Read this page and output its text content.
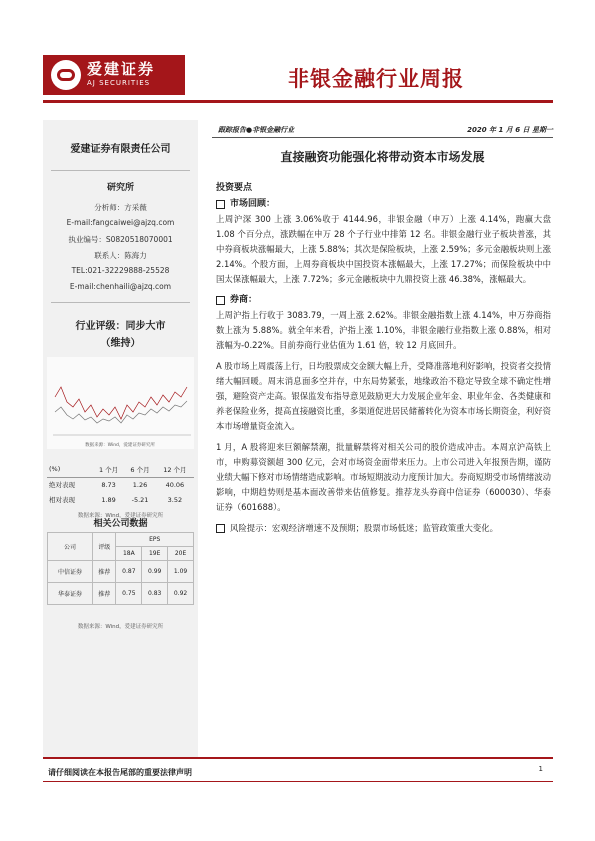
爱建证券
AJ SECURITIES	非银金融行业周报
爱建证券有限责任公司
研究所
分析师：方采薇
E-mail:fangcaiwei@ajzq.com
执业编号：S0820518070001
联系人：陈海力
TEL:021-32229888-25528
E-mail:chenhaili@ajzq.com
行业评级：同步大市
（维持）
数据来源：Wind，爱建证券研究所
(%)	1 个月	6 个月	12 个月
绝对表现	8.73	1.26	40.06
相对表现	1.89	-5.21	3.52
数据来源：Wind，爱建证券研究所			
相关公司数据
公司	评级	EPS		
		18A	19E	20E
中信证券	推荐	0.87	0.99	1.09
华泰证券	推荐	0.75	0.83	0.92
数据来源：Wind，爱建证券研究所
跟踪报告●非银金融行业	2020 年 1 月 6 日 星期一
直接融资功能强化将带动资本市场发展
投资要点
市场回顾：

上周沪深 300 上涨 3.06%收于 4144.96，非银金融（申万）上涨 4.14%，跑赢大盘 1.08 个百分点，涨跌幅在申万 28 个子行业中排第 12 名。非银金融行业子板块普涨，其中券商板块涨幅最大，上涨 5.88%；其次是保险板块，上涨 2.59%；多元金融板块则上涨 2.14%。个股方面，上周券商板块中国投资本涨幅最大，上涨 17.27%；而保险板块中中国太保涨幅最大，上涨 7.72%；多元金融板块中九鼎投资上涨 46.38%，涨幅最大。

券商：

上周沪指上行收于 3083.79，一周上涨 2.62%。非银金融指数上涨 4.14%，申万券商指数上涨为 5.88%。就全年来看，沪指上涨 1.10%，非银金融行业指数上涨 0.88%，相对涨幅为-0.22%。目前券商行业估值为 1.61 倍，较 12 月底回升。

A 股市场上周震荡上行，日均股票成交金额大幅上升，受降准落地利好影响，投资者交投情绪大幅回暖。周末消息面多空并存，中东局势紧张，地缘政治不稳定导致全球不确定性增强，避险资产走高。银保监发布指导意见鼓励更大力发展企业年金、职业年金、各类健康和养老保险业务，提高直接融资比重，多渠道促进居民储蓄转化为资本市场长期资金，利好资本市场增量资金流入。

1 月，A 股将迎来巨额解禁潮，批量解禁将对相关公司的股价造成冲击。本周京沪高铁上市，申购募资额超 300 亿元，会对市场资金面带来压力。上市公司进入年报预告期，谨防业绩大幅下修对市场情绪造成影响。市场短期波动力度预计加大。券商短期受市场情绪波动影响，中期趋势则是基本面改善带来估值修复。推荐龙头券商中信证券（600030）、华泰证券（601688）。

风险提示：宏观经济增速不及预期；股票市场低迷；监管政策重大变化。

请仔细阅读在本报告尾部的重要法律声明	1
